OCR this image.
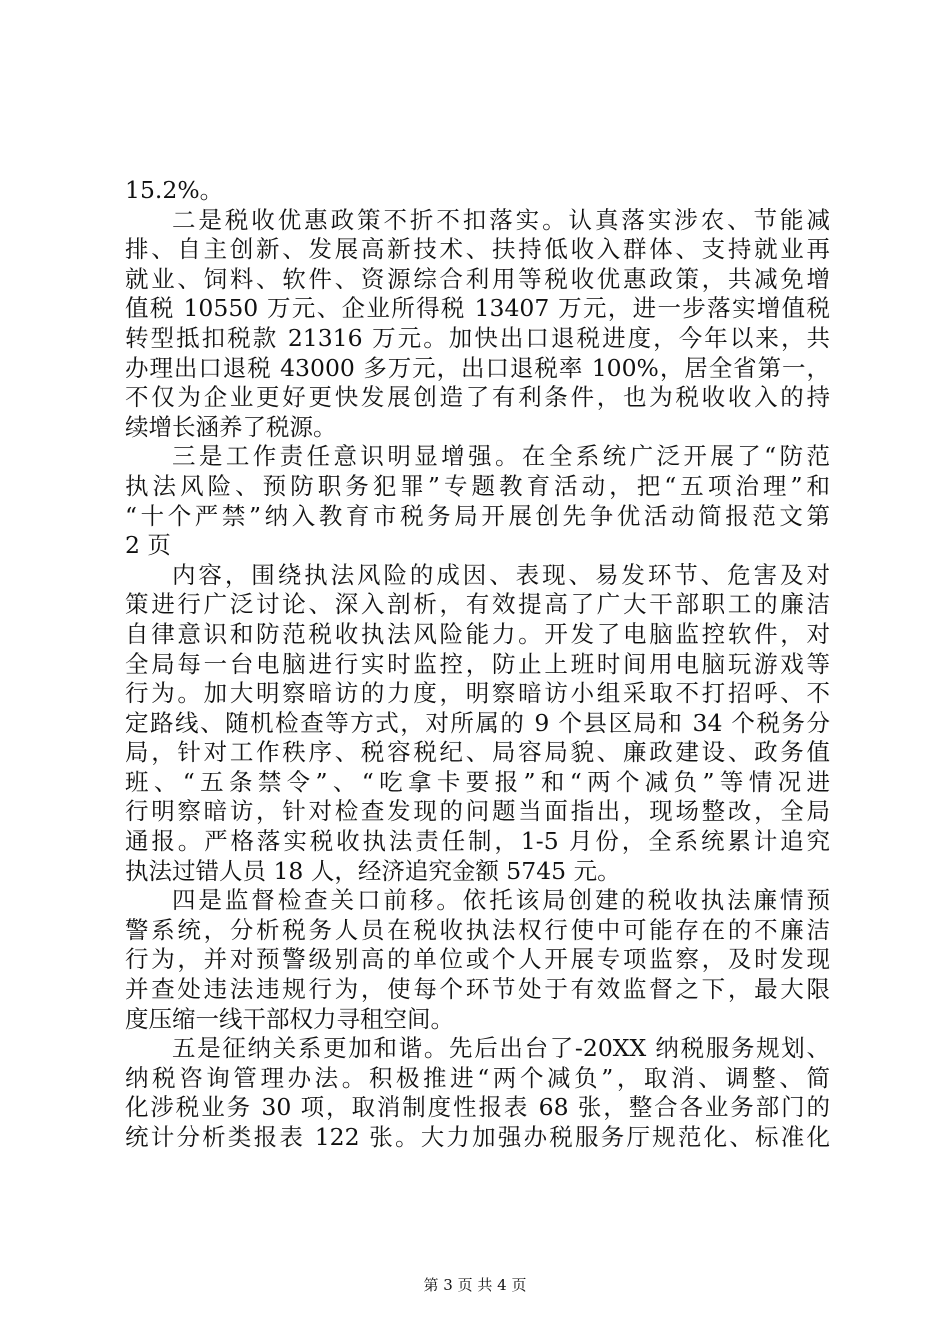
15.2%。
二是税收优惠政策不折不扣落实。认真落实涉农、节能减
排、自主创新、发展高新技术、扶持低收入群体、支持就业再
就业、饲料、软件、资源综合利用等税收优惠政策，共减免增
值税 10550 万元、企业所得税 13407 万元，进一步落实增值税
转型抵扣税款 21316 万元。加快出口退税进度，今年以来，共
办理出口退税 43000 多万元，出口退税率 100%，居全省第一，
不仅为企业更好更快发展创造了有利条件，也为税收收入的持
续增长涵养了税源。
三是工作责任意识明显增强。在全系统广泛开展了“防范
执法风险、预防职务犯罪”专题教育活动，把“五项治理”和
“十个严禁”纳入教育市税务局开展创先争优活动简报范文第
2 页
内容，围绕执法风险的成因、表现、易发环节、危害及对
策进行广泛讨论、深入剖析，有效提高了广大干部职工的廉洁
自律意识和防范税收执法风险能力。开发了电脑监控软件，对
全局每一台电脑进行实时监控，防止上班时间用电脑玩游戏等
行为。加大明察暗访的力度，明察暗访小组采取不打招呼、不
定路线、随机检查等方式，对所属的 9 个县区局和 34 个税务分
局，针对工作秩序、税容税纪、局容局貌、廉政建设、政务值
班、“五条禁令”、“吃拿卡要报”和“两个减负”等情况进
行明察暗访，针对检查发现的问题当面指出，现场整改，全局
通报。严格落实税收执法责任制，1-5 月份，全系统累计追究
执法过错人员 18 人，经济追究金额 5745 元。
四是监督检查关口前移。依托该局创建的税收执法廉情预
警系统，分析税务人员在税收执法权行使中可能存在的不廉洁
行为，并对预警级别高的单位或个人开展专项监察，及时发现
并查处违法违规行为，使每个环节处于有效监督之下，最大限
度压缩一线干部权力寻租空间。
五是征纳关系更加和谐。先后出台了-20XX 纳税服务规划、
纳税咨询管理办法。积极推进“两个减负”，取消、调整、简
化涉税业务 30 项，取消制度性报表 68 张，整合各业务部门的
统计分析类报表 122 张。大力加强办税服务厅规范化、标准化
第 3 页 共 4 页
